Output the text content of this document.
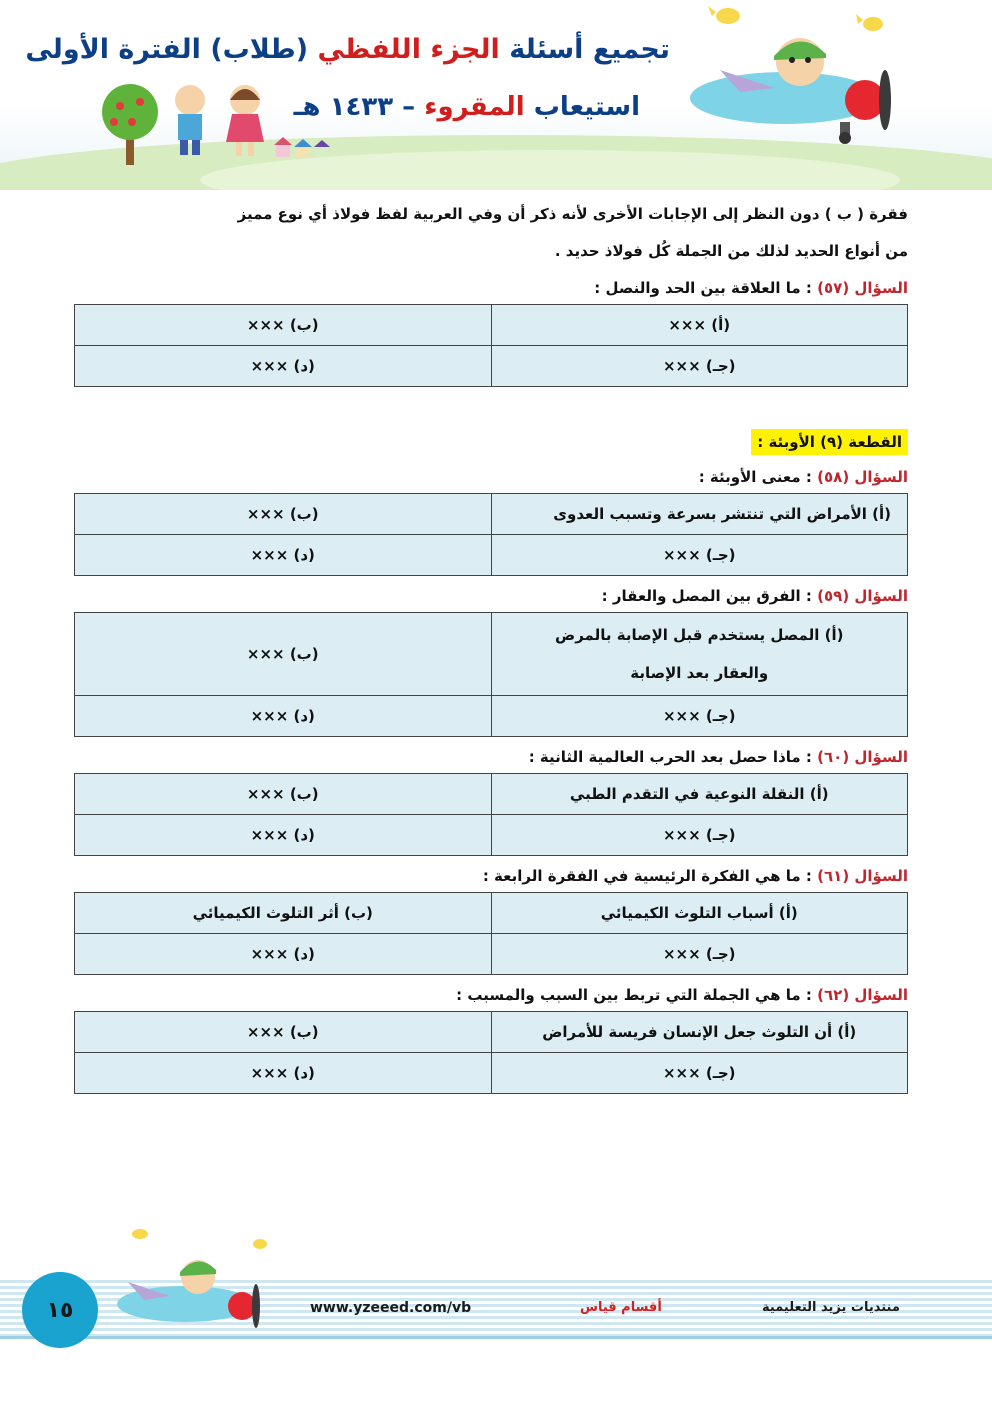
تجميع أسئلة الجزء اللفظي (طلاب) الفترة الأولى
استيعاب المقروء – ١٤٣٣ هـ

فقرة ( ب ) دون النظر إلى الإجابات الأخرى لأنه ذكر أن وفي العربية لفظ فولاذ أي نوع مميز
من أنواع الحديد لذلك من الجملة كُل فولاذ حديد .

السؤال (٥٧) : ما العلاقة بين الحد والنصل :
(أ) ×××	(ب) ×××
(جـ) ×××	(د) ×××
القطعة (٩) الأوبئة :
السؤال (٥٨) : معنى الأوبئة :
(أ) الأمراض التي تنتشر بسرعة وتسبب العدوى	(ب) ×××
(جـ) ×××	(د) ×××
السؤال (٥٩) : الفرق بين المصل والعقار :
(أ) المصل يستخدم قبل الإصابة بالمرض
والعقار بعد الإصابة	(ب) ×××
(جـ) ×××	(د) ×××
السؤال (٦٠) : ماذا حصل بعد الحرب العالمية الثانية :
(أ) النقلة النوعية في التقدم الطبي	(ب) ×××
(جـ) ×××	(د) ×××
السؤال (٦١) : ما هي الفكرة الرئيسية في الفقرة الرابعة :
(أ) أسباب التلوث الكيميائي	(ب) أثر التلوث الكيميائي
(جـ) ×××	(د) ×××
السؤال (٦٢) : ما هي الجملة التي تربط بين السبب والمسبب :
(أ) أن التلوث جعل الإنسان فريسة للأمراض	(ب) ×××
(جـ) ×××	(د) ×××
١٥	www.yzeeed.com/vb	أقسام قياس	منتديات يزيد التعليمية
